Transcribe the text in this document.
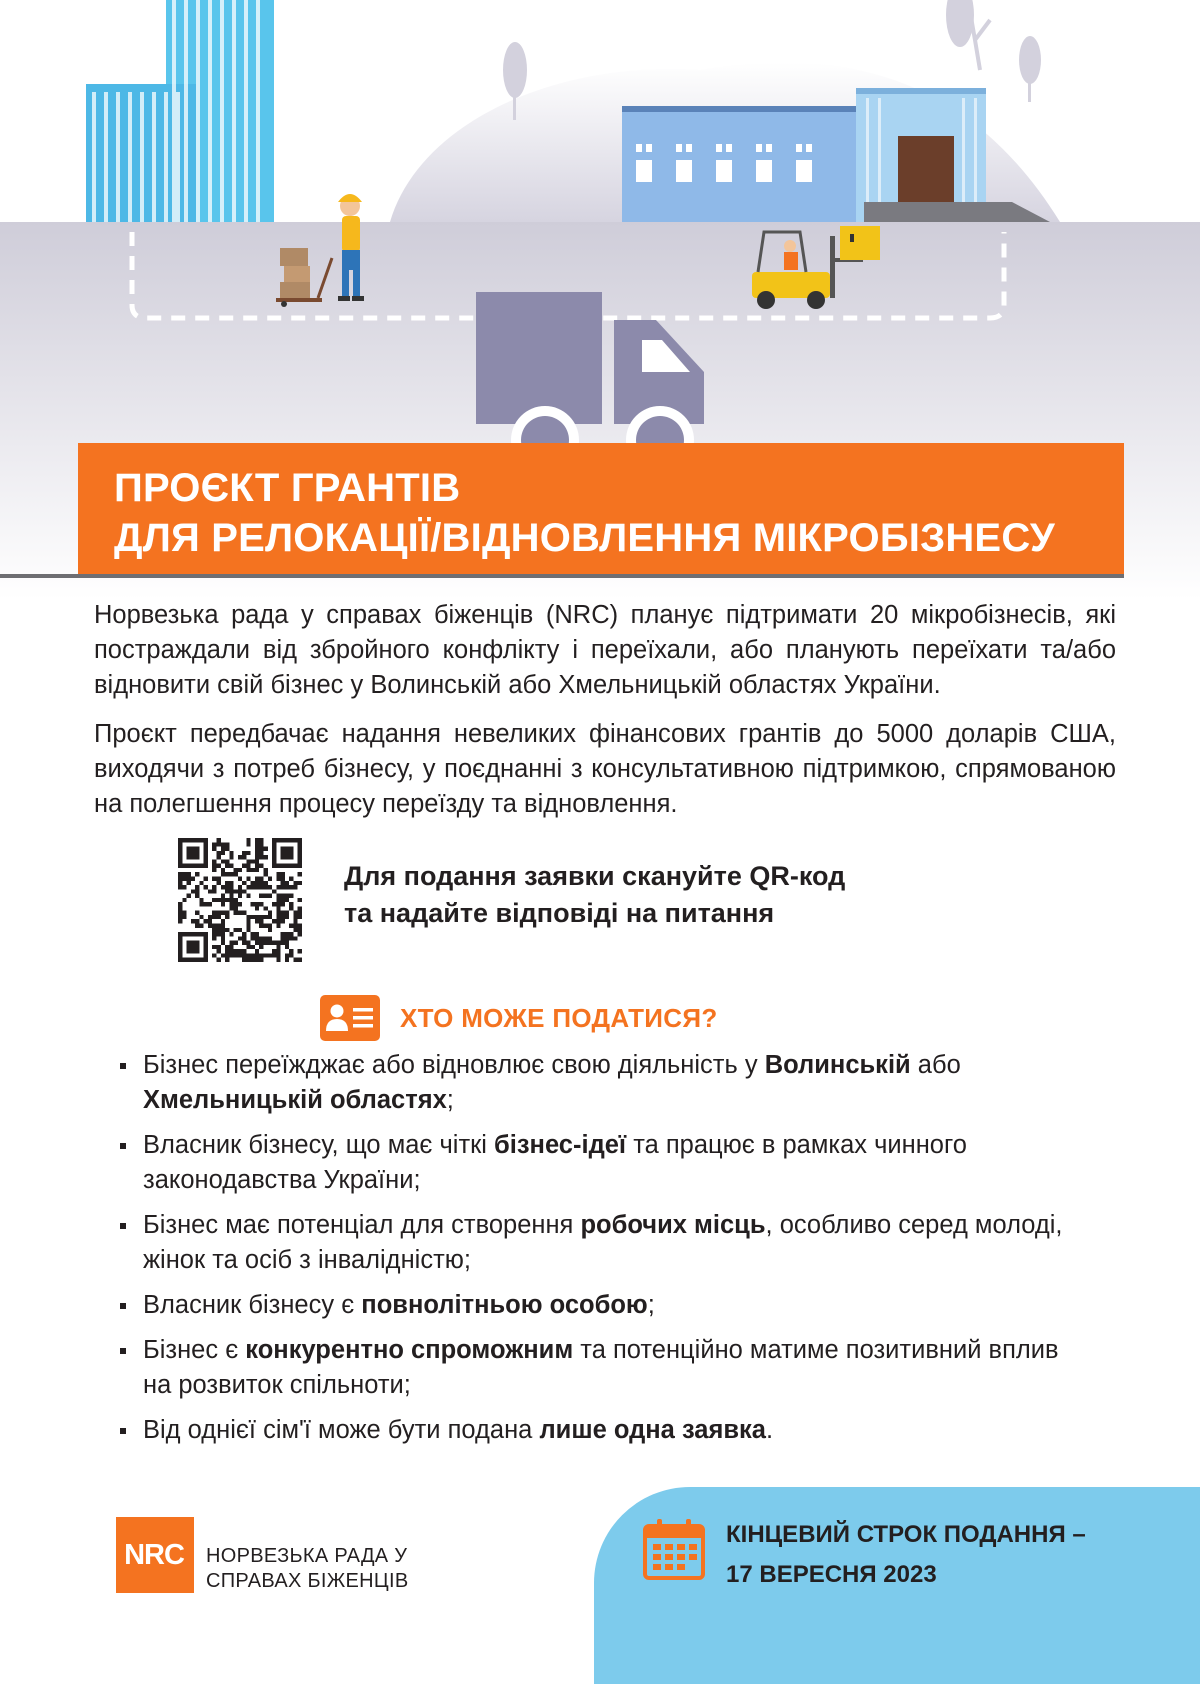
ПРОЄКТ ГРАНТІВ
ДЛЯ РЕЛОКАЦІЇ/ВІДНОВЛЕННЯ МІКРОБІЗНЕСУ

Норвезька рада у справах біженців (NRC) планує підтримати 20 мікробізнесів, які постраждали від збройного конфлікту і переїхали, або планують переїхати та/або відновити свій бізнес у Волинській або Хмельницькій областях України.

Проєкт передбачає надання невеликих фінансових грантів до 5000 доларів США, виходячи з потреб бізнесу, у поєднанні з консультативною підтримкою, спрямованою на полегшення процесу переїзду та відновлення.

Для подання заявки скануйте QR-код
та надайте відповіді на питання
ХТО МОЖЕ ПОДАТИСЯ?
Бізнес переїжджає або відновлює свою діяльність у Волинській або Хмельницькій областях;
Власник бізнесу, що має чіткі бізнес-ідеї та працює в рамках чинного законодавства України;
Бізнес має потенціал для створення робочих місць, особливо серед молоді, жінок та осіб з інвалідністю;
Власник бізнесу є повнолітньою особою;
Бізнес є конкурентно спроможним та потенційно матиме позитивний вплив на розвиток спільноти;
Від однієї сім'ї може бути подана лише одна заявка.
NRC НОРВЕЗЬКА РАДА У
СПРАВАХ БІЖЕНЦІВ
КІНЦЕВИЙ СТРОК ПОДАННЯ –
17 ВЕРЕСНЯ 2023
